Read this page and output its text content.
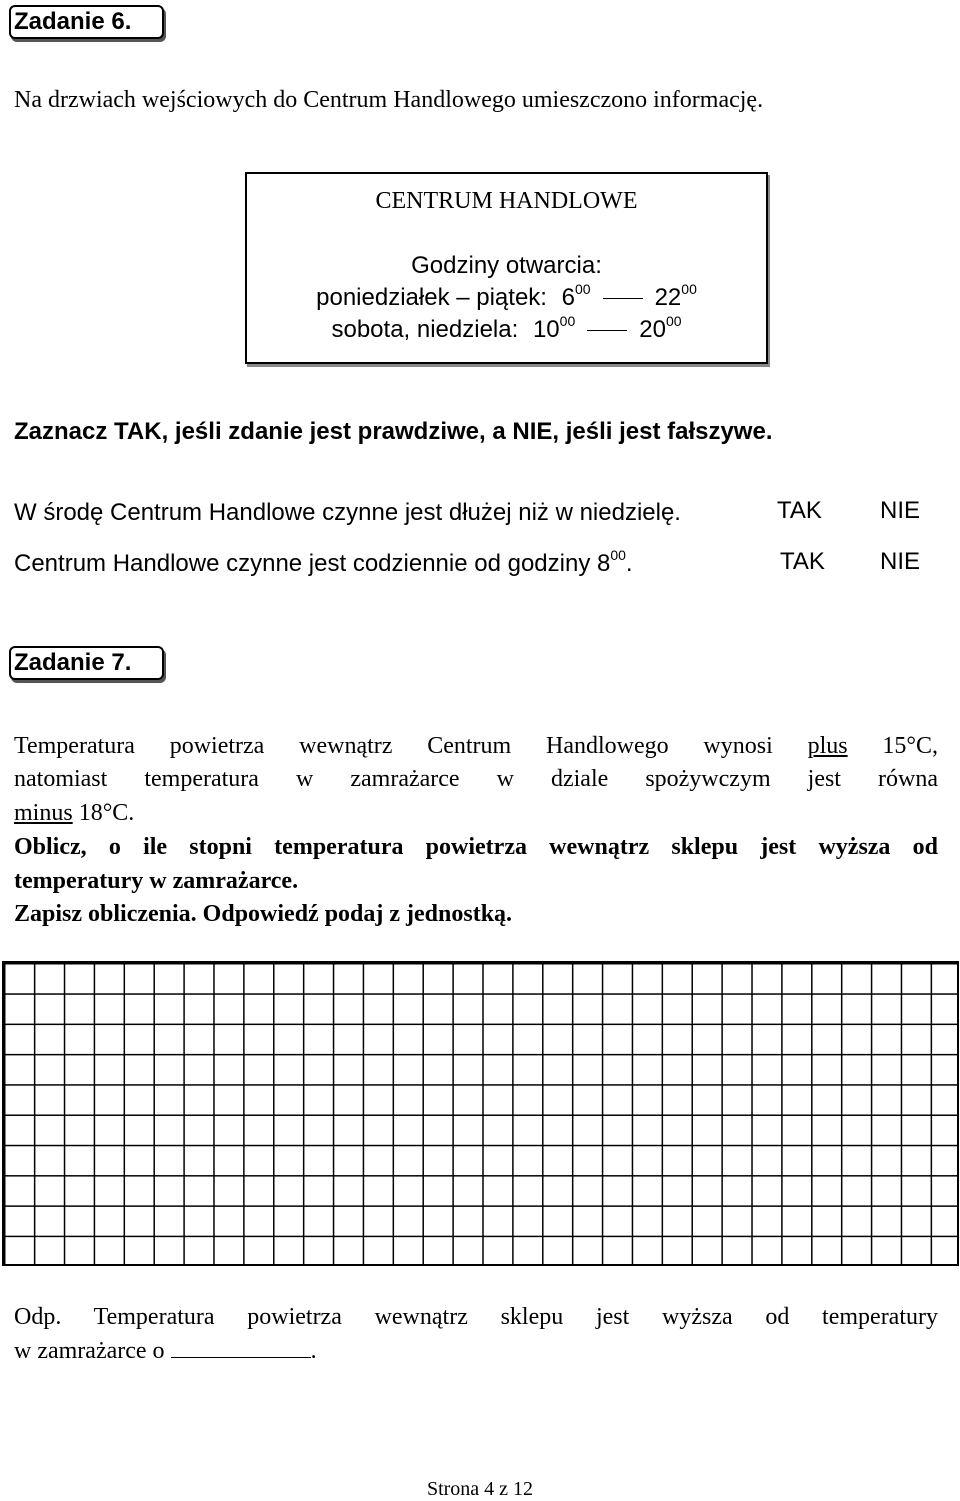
Zadanie 6.
Na drzwiach wejściowych do Centrum Handlowego umieszczono informację.
CENTRUM HANDLOWE
Godziny otwarcia:
poniedziałek – piątek: $6^{00}$	$22^{00}$
sobota, niedziela: $10^{00}$	$20^{00}$
Zaznacz TAK, jeśli zdanie jest prawdziwe, a NIE, jeśli jest fałszywe.
W środę Centrum Handlowe czynne jest dłużej niż w niedzielę.	TAK NIE
Centrum Handlowe czynne jest codziennie od godziny $8^{00}$.	TAK NIE
Zadanie 7.
Temperatura powietrza wewnątrz Centrum Handlowego wynosi plus 15°C,
natomiast temperatura w zamrażarce w dziale spożywczym jest równa
minus 18°C.
Oblicz, o ile stopni temperatura powietrza wewnątrz sklepu jest wyższa od
temperatury w zamrażarce.
Zapisz obliczenia. Odpowiedź podaj z jednostką.
Odp. Temperatura powietrza wewnątrz sklepu jest wyższa od temperatury
w zamrażarce o	.
Strona 4 z 12
